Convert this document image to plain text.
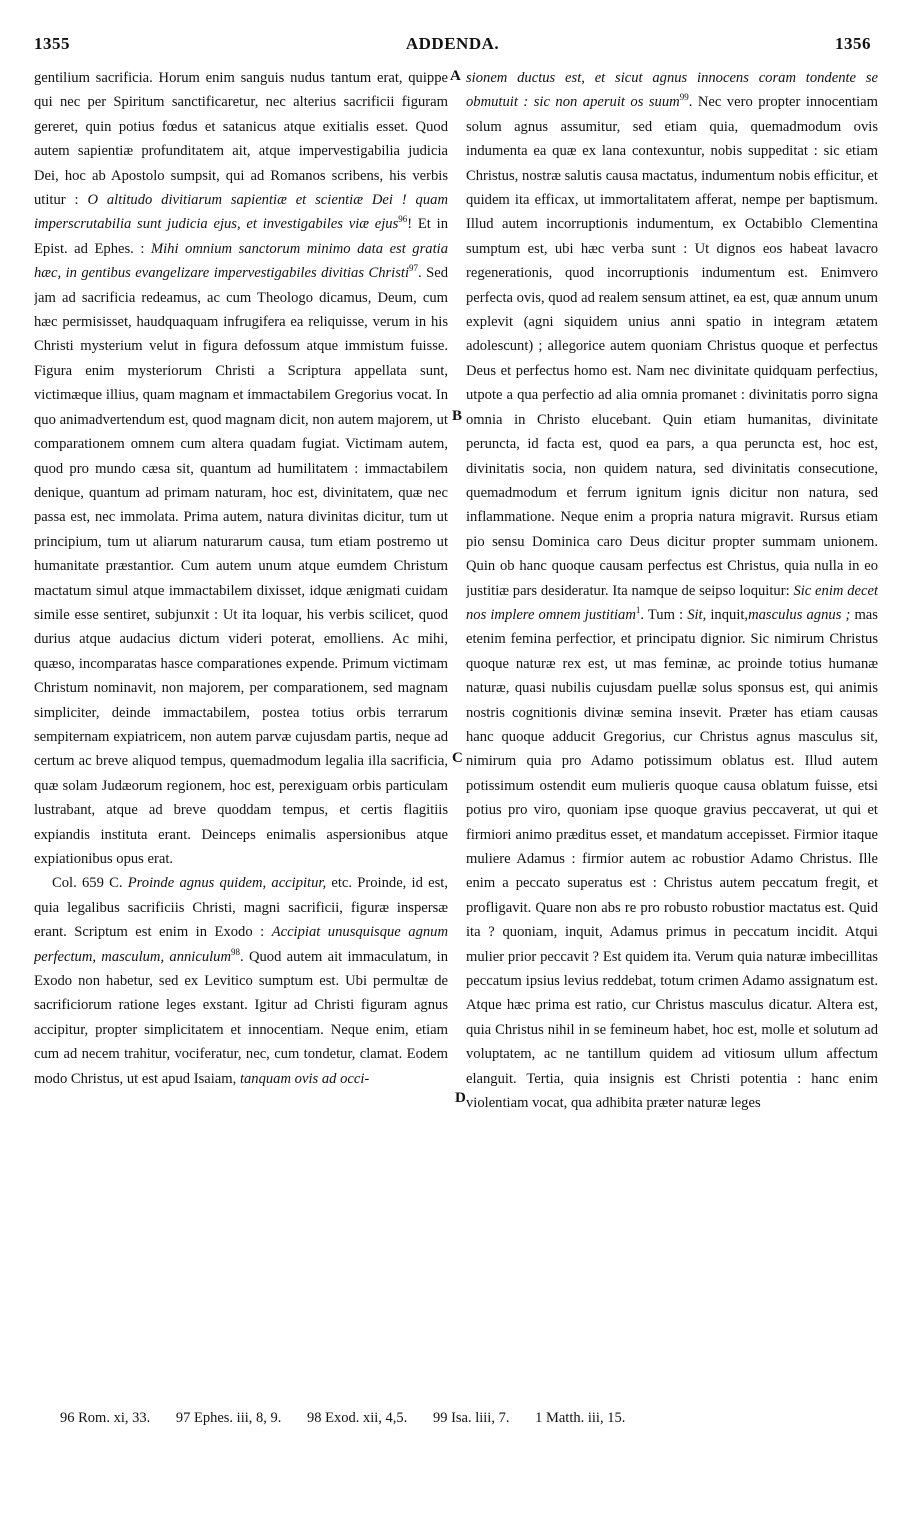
1355	ADDENDA.	1356

gentilium sacrificia. Horum enim sanguis nudus tantum erat, quippe qui nec per Spiritum sanctificaretur, nec alterius sacrificii figuram gereret, quin potius fœdus et satanicus atque exitialis esset. Quod autem sapientiæ profunditatem ait, atque impervestigabilia judicia Dei, hoc ab Apostolo sumpsit, qui ad Romanos scribens, his verbis utitur : O altitudo divitiarum sapientiæ et scientiæ Dei ! quam imperscrutabilia sunt judicia ejus, et investigabiles viæ ejus$^{96}$! Et in Epist. ad Ephes. : Mihi omnium sanctorum minimo data est gratia hæc, in gentibus evangelizare impervestigabiles divitias Christi$^{97}$. Sed jam ad sacrificia redeamus, ac cum Theologo dicamus, Deum, cum hæc permisisset, haudquaquam infrugifera ea reliquisse, verum in his Christi mysterium velut in figura defossum atque immistum fuisse. Figura enim mysteriorum Christi a Scriptura appellata sunt, victimæque illius, quam magnam et immactabilem Gregorius vocat. In quo animadvertendum est, quod magnam dicit, non autem majorem, ut comparationem omnem cum altera quadam fugiat. Victimam autem, quod pro mundo cæsa sit, quantum ad humilitatem : immactabilem denique, quantum ad primam naturam, hoc est, divinitatem, quæ nec passa est, nec immolata. Prima autem, natura divinitas dicitur, tum ut principium, tum ut aliarum naturarum causa, tum etiam postremo ut humanitate præstantior. Cum autem unum atque eumdem Christum mactatum simul atque immactabilem dixisset, idque ænigmati cuidam simile esse sentiret, subjunxit : Ut ita loquar, his verbis scilicet, quod durius atque audacius dictum videri poterat, emolliens. Ac mihi, quæso, incomparatas hasce comparationes expende. Primum victimam Christum nominavit, non majorem, per comparationem, sed magnam simpliciter, deinde immactabilem, postea totius orbis terrarum sempiternam expiatricem, non autem parvæ cujusdam partis, neque ad certum ac breve aliquod tempus, quemadmodum legalia illa sacrificia, quæ solam Judæorum regionem, hoc est, perexiguam orbis particulam lustrabant, atque ad breve quoddam tempus, et certis flagitiis expiandis instituta erant. Deinceps enimalis aspersionibus atque expiationibus opus erat.

Col. 659 C. Proinde agnus quidem, accipitur, etc. Proinde, id est, quia legalibus sacrificiis Christi, magni sacrificii, figuræ inspersæ erant. Scriptum est enim in Exodo : Accipiat unusquisque agnum perfectum, masculum, anniculum$^{98}$. Quod autem ait immaculatum, in Exodo non habetur, sed ex Levitico sumptum est. Ubi permultæ de sacrificiorum ratione leges exstant. Igitur ad Christi figuram agnus accipitur, propter simplicitatem et innocentiam. Neque enim, etiam cum ad necem trahitur, vociferatur, nec, cum tondetur, clamat. Eodem modo Christus, ut est apud Isaiam, tanquam ovis ad occi-

A
B
C
D

sionem ductus est, et sicut agnus innocens coram tondente se obmutuit : sic non aperuit os suum$^{99}$. Nec vero propter innocentiam solum agnus assumitur, sed etiam quia, quemadmodum ovis indumenta ea quæ ex lana contexuntur, nobis suppeditat : sic etiam Christus, nostræ salutis causa mactatus, indumentum nobis efficitur, et quidem ita efficax, ut immortalitatem afferat, nempe per baptismum. Illud autem incorruptionis indumentum, ex Octabiblo Clementina sumptum est, ubi hæc verba sunt : Ut dignos eos habeat lavacro regenerationis, quod incorruptionis indumentum est. Enimvero perfecta ovis, quod ad realem sensum attinet, ea est, quæ annum unum explevit (agni siquidem unius anni spatio in integram ætatem adolescunt) ; allegorice autem quoniam Christus quoque et perfectus Deus et perfectus homo est. Nam nec divinitate quidquam perfectius, utpote a qua perfectio ad alia omnia promanet : divinitatis porro signa omnia in Christo elucebant. Quin etiam humanitas, divinitate peruncta, id facta est, quod ea pars, a qua peruncta est, hoc est, divinitatis socia, non quidem natura, sed divinitatis consecutione, quemadmodum et ferrum ignitum ignis dicitur non natura, sed inflammatione. Neque enim a propria natura migravit. Rursus etiam pio sensu Dominica caro Deus dicitur propter summam unionem. Quin ob hanc quoque causam perfectus est Christus, quia nulla in eo justitiæ pars desideratur. Ita namque de seipso loquitur: Sic enim decet nos implere omnem justitiam$^1$. Tum : Sit, inquit,masculus agnus ; mas etenim femina perfectior, et principatu dignior. Sic nimirum Christus quoque naturæ rex est, ut mas feminæ, ac proinde totius humanæ naturæ, quasi nubilis cujusdam puellæ solus sponsus est, qui animis nostris cognitionis divinæ semina insevit. Præter has etiam causas hanc quoque adducit Gregorius, cur Christus agnus masculus sit, nimirum quia pro Adamo potissimum oblatus est. Illud autem potissimum ostendit eum mulieris quoque causa oblatum fuisse, etsi potius pro viro, quoniam ipse quoque gravius peccaverat, ut qui et firmiori animo præditus esset, et mandatum accepisset. Firmior itaque muliere Adamus : firmior autem ac robustior Adamo Christus. Ille enim a peccato superatus est : Christus autem peccatum fregit, et profligavit. Quare non abs re pro robusto robustior mactatus est. Quid ita ? quoniam, inquit, Adamus primus in peccatum incidit. Atqui mulier prior peccavit ? Est quidem ita. Verum quia naturæ imbecillitas peccatum ipsius levius reddebat, totum crimen Adamo assignatum est. Atque hæc prima est ratio, cur Christus masculus dicatur. Altera est, quia Christus nihil in se femineum habet, hoc est, molle et solutum ad voluptatem, ac ne tantillum quidem ad vitiosum ullum affectum elanguit. Tertia, quia insignis est Christi potentia : hanc enim violentiam vocat, qua adhibita præter naturæ leges

96 Rom. xi, 33. 97 Ephes. iii, 8, 9. 98 Exod. xii, 4,5. 99 Isa. liii, 7. 1 Matth. iii, 15.
